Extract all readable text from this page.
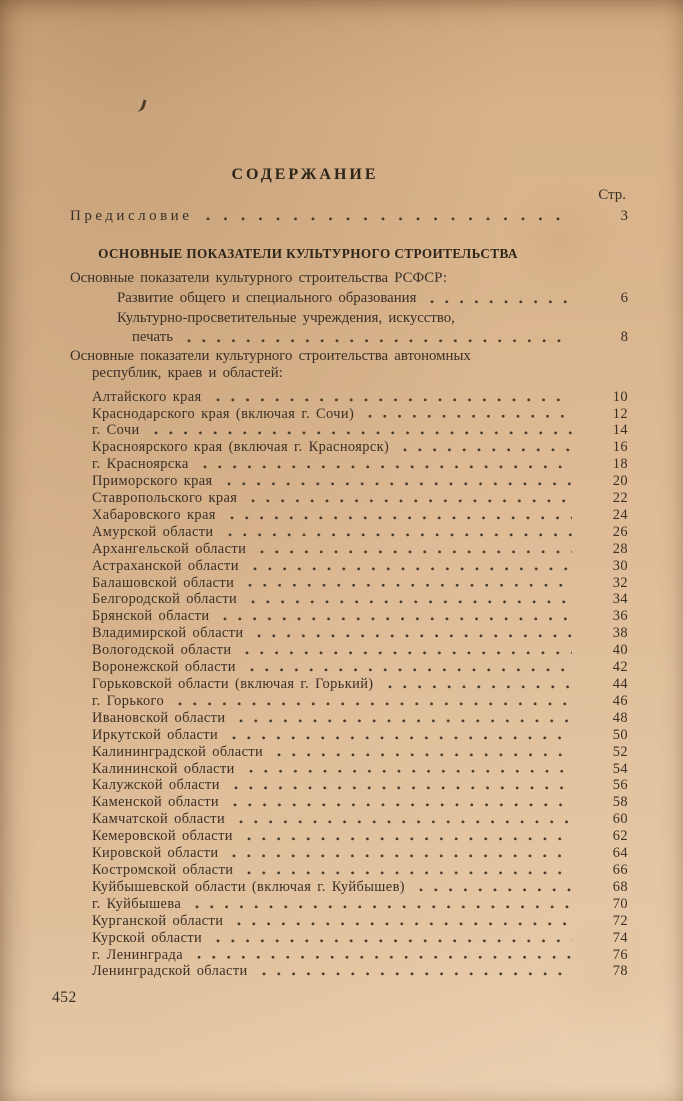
СОДЕРЖАНИЕ
Стр.
Предисловие	3
ОСНОВНЫЕ ПОКАЗАТЕЛИ КУЛЬТУРНОГО СТРОИТЕЛЬСТВА
Основные показатели культурного строительства РСФСР:
Развитие общего и специального образования	6
Культурно-просветительные учреждения, искусство,
печать	8
Основные показатели культурного строительства автономных
республик, краев и областей:
Алтайского края	10
Краснодарского края (включая г. Сочи)	12
г. Сочи	14
Красноярского края (включая г. Красноярск)	16
г. Красноярска	18
Приморского края	20
Ставропольского края	22
Хабаровского края	24
Амурской области	26
Архангельской области	28
Астраханской области	30
Балашовской области	32
Белгородской области	34
Брянской области	36
Владимирской области	38
Вологодской области	40
Воронежской области	42
Горьковской области (включая г. Горький)	44
г. Горького	46
Ивановской области	48
Иркутской области	50
Калининградской области	52
Калининской области	54
Калужской области	56
Каменской области	58
Камчатской области	60
Кемеровской области	62
Кировской области	64
Костромской области	66
Куйбышевской области (включая г. Куйбышев)	68
г. Куйбышева	70
Курганской области	72
Курской области	74
г. Ленинграда	76
Ленинградской области	78
452
